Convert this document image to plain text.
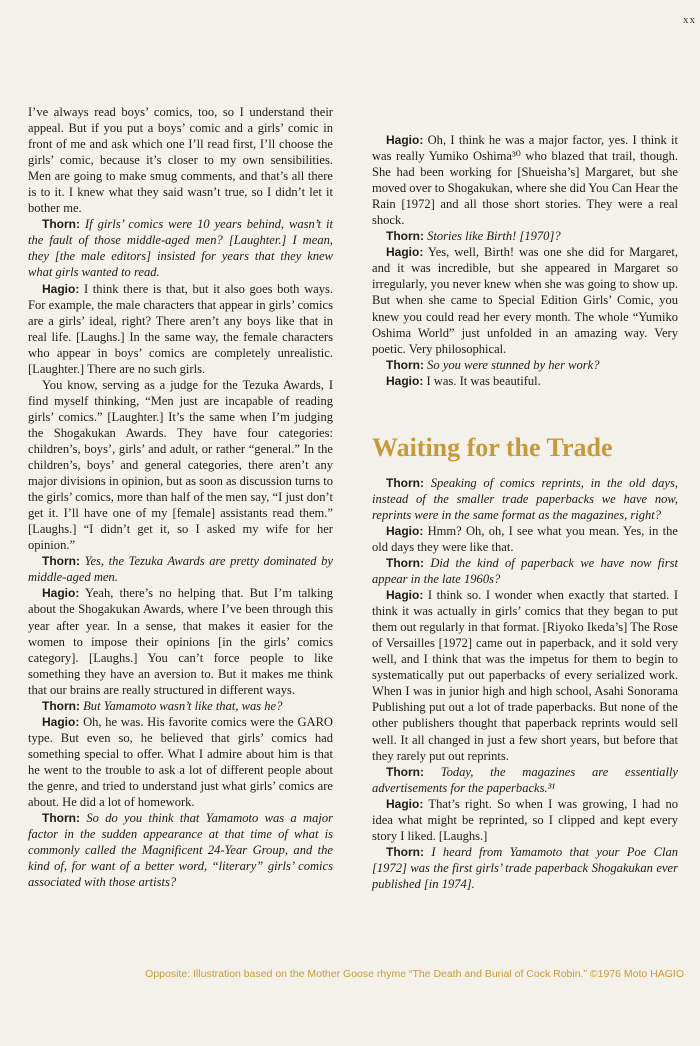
xx

I’ve always read boys’ comics, too, so I understand their appeal. But if you put a boys’ comic and a girls’ comic in front of me and ask which one I’ll read first, I’ll choose the girls’ comic, because it’s closer to my own sensibilities. Men are going to make smug comments, and that’s all there is to it. I knew what they said wasn’t true, so I didn’t let it bother me.

Thorn: If girls’ comics were 10 years behind, wasn’t it the fault of those middle-aged men? [Laughter.] I mean, they [the male editors] insisted for years that they knew what girls wanted to read.

Hagio: I think there is that, but it also goes both ways. For example, the male characters that appear in girls’ comics are a girls’ ideal, right? There aren’t any boys like that in real life. [Laughs.] In the same way, the female characters who appear in boys’ comics are completely unrealistic. [Laughter.] There are no such girls.

You know, serving as a judge for the Tezuka Awards, I find myself thinking, “Men just are incapable of reading girls’ comics.” [Laughter.] It’s the same when I’m judging the Shogakukan Awards. They have four categories: children’s, boys’, girls’ and adult, or rather “general.” In the children’s, boys’ and general categories, there aren’t any major divisions in opinion, but as soon as discussion turns to the girls’ comics, more than half of the men say, “I just don’t get it. I’ll have one of my [female] assistants read them.” [Laughs.] “I didn’t get it, so I asked my wife for her opinion.”

Thorn: Yes, the Tezuka Awards are pretty dominated by middle-aged men.

Hagio: Yeah, there’s no helping that. But I’m talking about the Shogakukan Awards, where I’ve been through this year after year. In a sense, that makes it easier for the women to impose their opinions [in the girls’ comics category]. [Laughs.] You can’t force people to like something they have an aversion to. But it makes me think that our brains are really structured in different ways.

Thorn: But Yamamoto wasn’t like that, was he?

Hagio: Oh, he was. His favorite comics were the GARO type. But even so, he believed that girls’ comics had something special to offer. What I admire about him is that he went to the trouble to ask a lot of different people about the genre, and tried to understand just what girls’ comics are about. He did a lot of homework.

Thorn: So do you think that Yamamoto was a major factor in the sudden appearance at that time of what is commonly called the Magnificent 24-Year Group, and the kind of, for want of a better word, “literary” girls’ comics associated with those artists?

Hagio: Oh, I think he was a major factor, yes. I think it was really Yumiko Oshima³⁰ who blazed that trail, though. She had been working for [Shueisha’s] Margaret, but she moved over to Shogakukan, where she did You Can Hear the Rain [1972] and all those short stories. They were a real shock.

Thorn: Stories like Birth! [1970]?

Hagio: Yes, well, Birth! was one she did for Margaret, and it was incredible, but she appeared in Margaret so irregularly, you never knew when she was going to show up. But when she came to Special Edition Girls’ Comic, you knew you could read her every month. The whole “Yumiko Oshima World” just unfolded in an amazing way. Very poetic. Very philosophical.

Thorn: So you were stunned by her work?

Hagio: I was. It was beautiful.

Waiting for the Trade

Thorn: Speaking of comics reprints, in the old days, instead of the smaller trade paperbacks we have now, reprints were in the same format as the magazines, right?

Hagio: Hmm? Oh, oh, I see what you mean. Yes, in the old days they were like that.

Thorn: Did the kind of paperback we have now first appear in the late 1960s?

Hagio: I think so. I wonder when exactly that started. I think it was actually in girls’ comics that they began to put them out regularly in that format. [Riyoko Ikeda’s] The Rose of Versailles [1972] came out in paperback, and it sold very well, and I think that was the impetus for them to begin to systematically put out paperbacks of every serialized work. When I was in junior high and high school, Asahi Sonorama Publishing put out a lot of trade paperbacks. But none of the other publishers thought that paperback reprints would sell well. It all changed in just a few short years, but before that they rarely put out reprints.

Thorn: Today, the magazines are essentially advertisements for the paperbacks.³¹

Hagio: That’s right. So when I was growing, I had no idea what might be reprinted, so I clipped and kept every story I liked. [Laughs.]

Thorn: I heard from Yamamoto that your Poe Clan [1972] was the first girls’ trade paperback Shogakukan ever published [in 1974].

Opposite: Illustration based on the Mother Goose rhyme “The Death and Burial of Cock Robin.” ©1976 Moto HAGIO
